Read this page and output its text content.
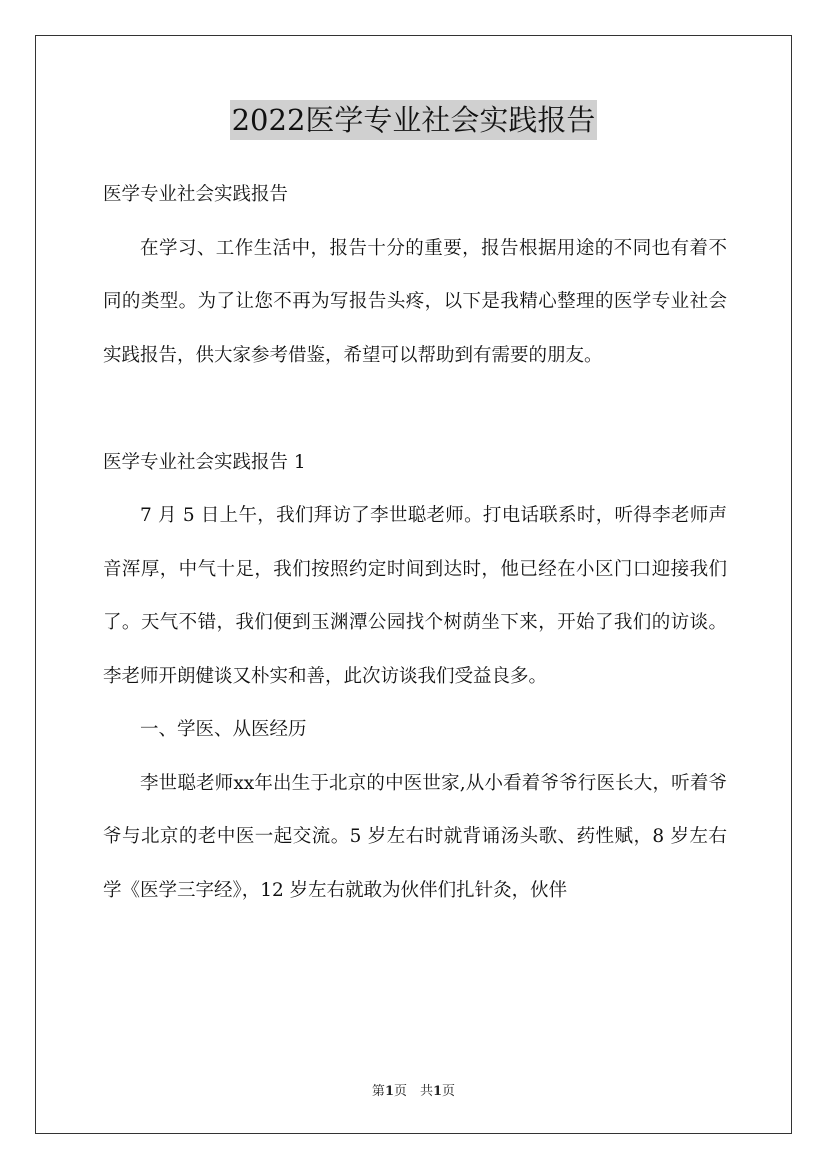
2022医学专业社会实践报告

医学专业社会实践报告

在学习、工作生活中，报告十分的重要，报告根据用途的不同也有着不同的类型。为了让您不再为写报告头疼，以下是我精心整理的医学专业社会实践报告，供大家参考借鉴，希望可以帮助到有需要的朋友。

医学专业社会实践报告 1

7 月 5 日上午，我们拜访了李世聪老师。打电话联系时，听得李老师声音浑厚，中气十足，我们按照约定时间到达时，他已经在小区门口迎接我们了。天气不错，我们便到玉渊潭公园找个树荫坐下来，开始了我们的访谈。李老师开朗健谈又朴实和善，此次访谈我们受益良多。

一、学医、从医经历

李世聪老师xx年出生于北京的中医世家,从小看着爷爷行医长大，听着爷爷与北京的老中医一起交流。5 岁左右时就背诵汤头歌、药性赋，8 岁左右学《医学三字经》，12 岁左右就敢为伙伴们扎针灸，伙伴

第1页　共1页
